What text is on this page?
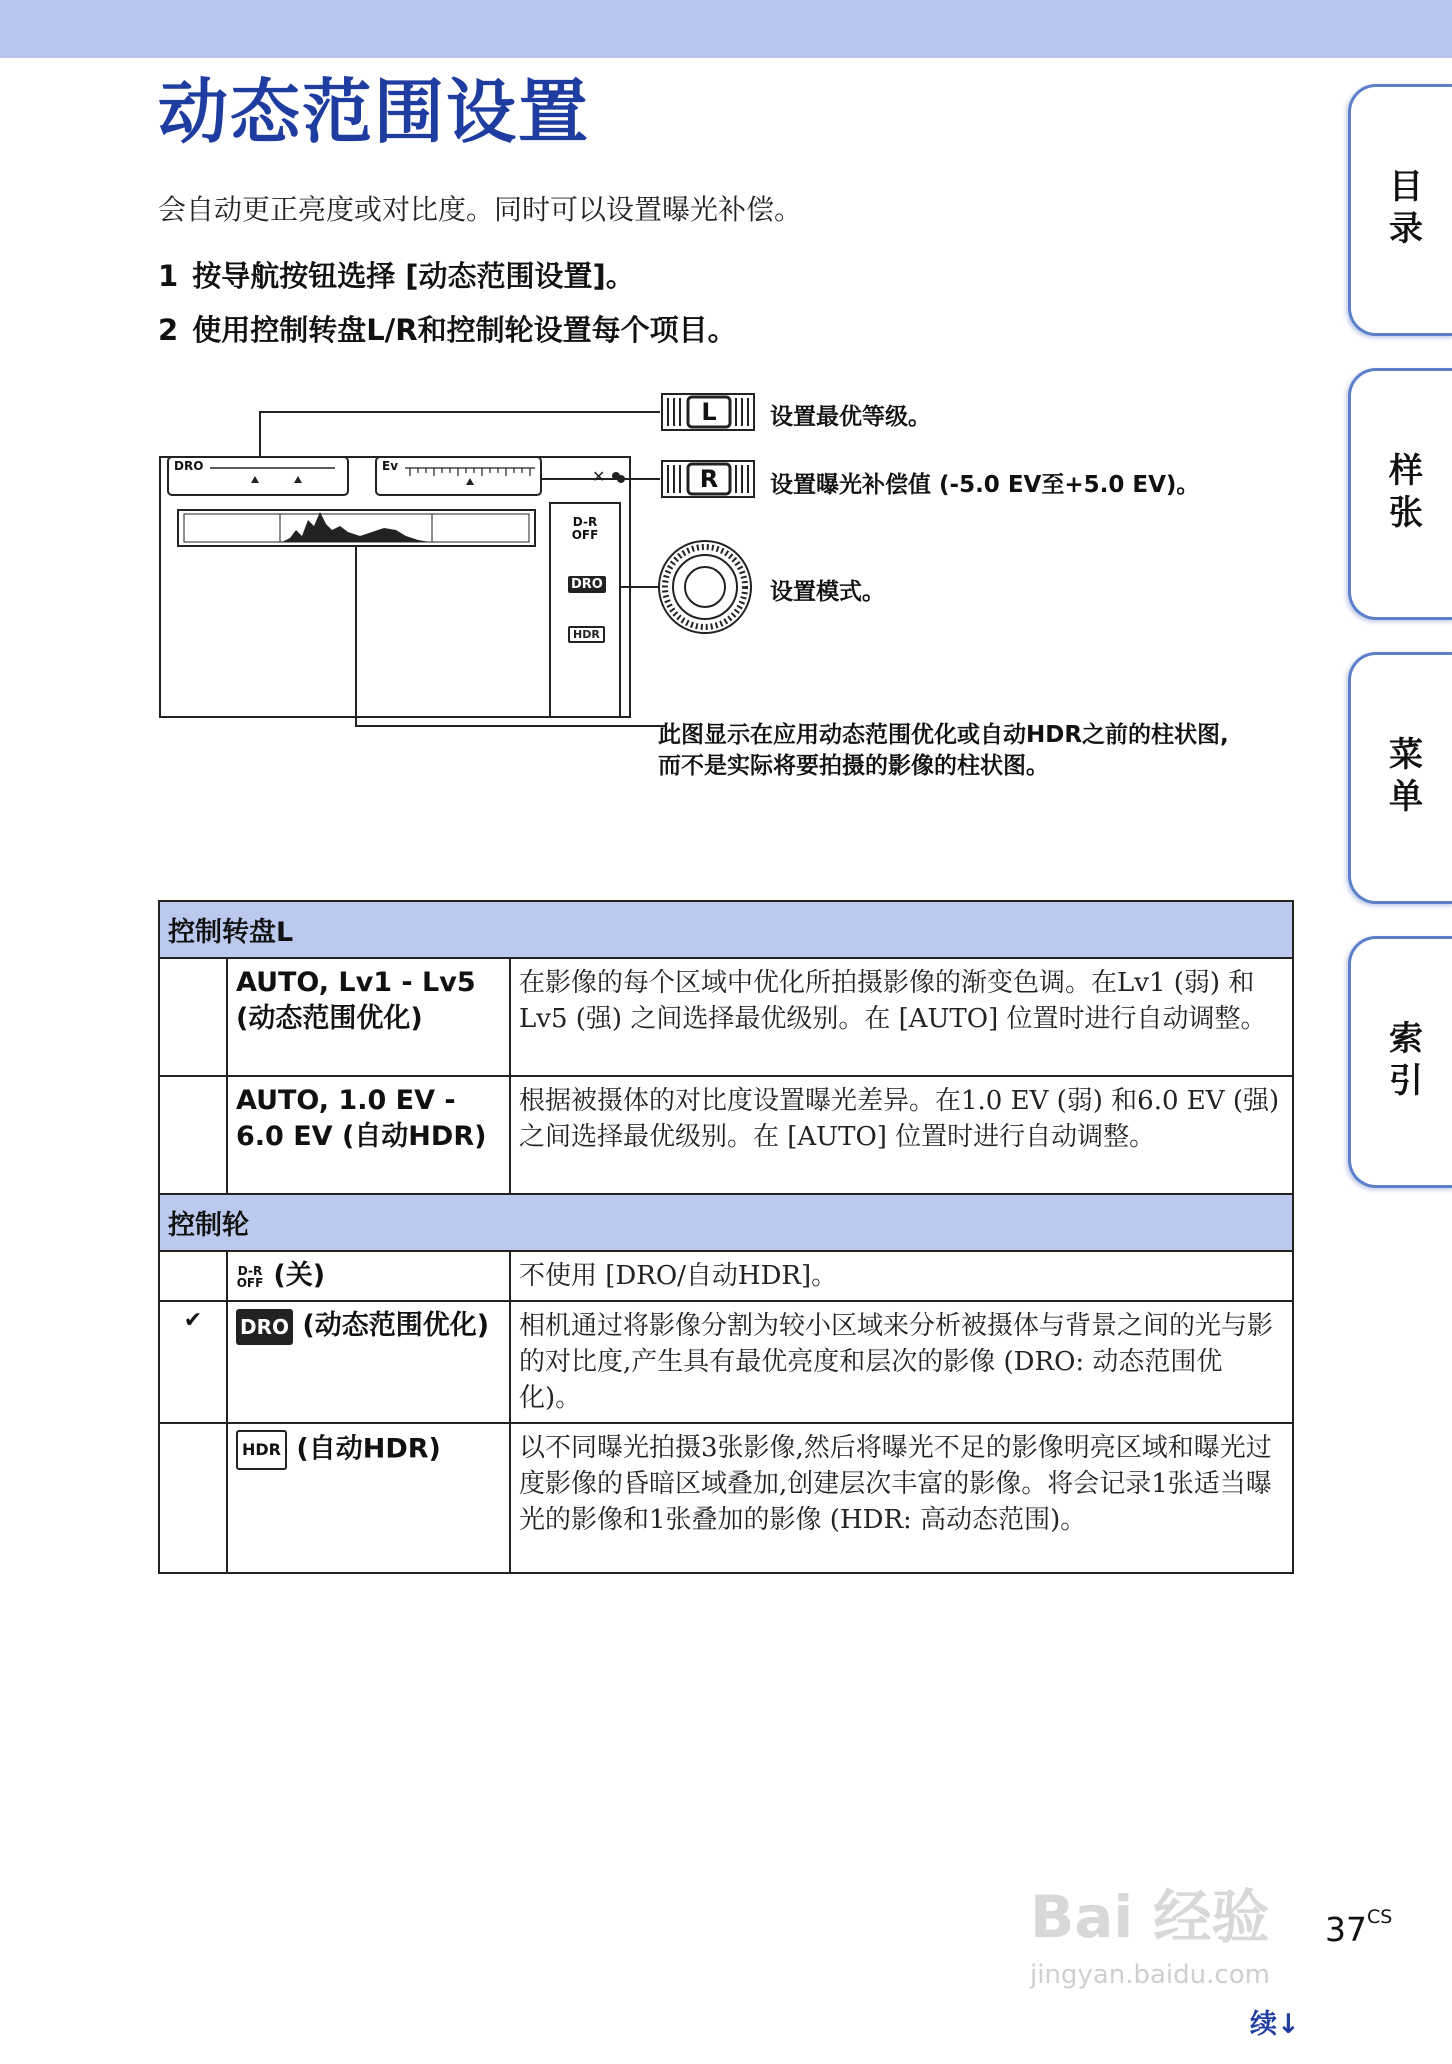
动态范围设置
会自动更正亮度或对比度。同时可以设置曝光补偿。
1 按导航按钮选择 [动态范围设置]。
2 使用控制转盘L/R和控制轮设置每个项目。
目录
样张
菜单
索引
✕
DRO	Ev
D-R
OFF
DRO
HDR
L
R
设置最优等级。
设置曝光补偿值 (-5.0 EV至+5.0 EV)。
设置模式。
此图显示在应用动态范围优化或自动HDR之前的柱状图,
而不是实际将要拍摄的影像的柱状图。
控制转盘L		
	AUTO, Lv1 - Lv5 (动态范围优化)	在影像的每个区域中优化所拍摄影像的渐变色调。在Lv1 (弱) 和Lv5 (强) 之间选择最优级别。在 [AUTO] 位置时进行自动调整。
	AUTO, 1.0 EV - 6.0 EV (自动HDR)	根据被摄体的对比度设置曝光差异。在1.0 EV (弱) 和6.0 EV (强) 之间选择最优级别。在 [AUTO] 位置时进行自动调整。
控制轮		
	D-R OFF (关)	不使用 [DRO/自动HDR]。
✔	DRO (动态范围优化)	相机通过将影像分割为较小区域来分析被摄体与背景之间的光与影的对比度,产生具有最优亮度和层次的影像 (DRO: 动态范围优化)。
	HDR (自动HDR)	以不同曝光拍摄3张影像,然后将曝光不足的影像明亮区域和曝光过度影像的昏暗区域叠加,创建层次丰富的影像。将会记录1张适当曝光的影像和1张叠加的影像 (HDR: 高动态范围)。
Bai 经验
jingyan.baidu.com
$37^{CS}$
续↓
